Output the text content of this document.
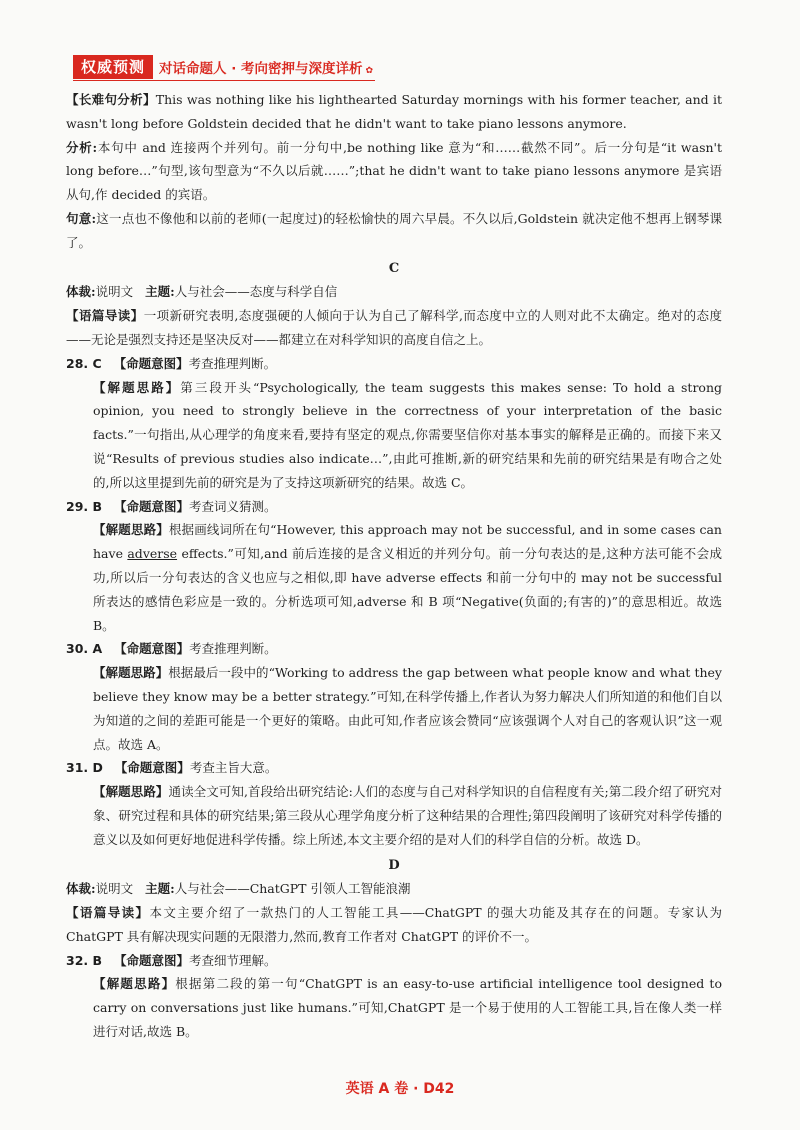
权威预测	对话命题人 · 考向密押与深度详析 ✿

【长难句分析】This was nothing like his lighthearted Saturday mornings with his former teacher, and it wasn't long before Goldstein decided that he didn't want to take piano lessons anymore.

分析:本句中 and 连接两个并列句。前一分句中,be nothing like 意为“和……截然不同”。后一分句是“it wasn't long before…”句型,该句型意为“不久以后就……”;that he didn't want to take piano lessons anymore 是宾语从句,作 decided 的宾语。

句意:这一点也不像他和以前的老师(一起度过)的轻松愉快的周六早晨。不久以后,Goldstein 就决定他不想再上钢琴课了。

C

体裁:说明文 主题:人与社会——态度与科学自信

【语篇导读】一项新研究表明,态度强硬的人倾向于认为自己了解科学,而态度中立的人则对此不太确定。绝对的态度——无论是强烈支持还是坚决反对——都建立在对科学知识的高度自信之上。

28. C 【命题意图】考查推理判断。

【解题思路】第三段开头“Psychologically, the team suggests this makes sense: To hold a strong opinion, you need to strongly believe in the correctness of your interpretation of the basic facts.”一句指出,从心理学的角度来看,要持有坚定的观点,你需要坚信你对基本事实的解释是正确的。而接下来又说“Results of previous studies also indicate…”,由此可推断,新的研究结果和先前的研究结果是有吻合之处的,所以这里提到先前的研究是为了支持这项新研究的结果。故选 C。

29. B 【命题意图】考查词义猜测。

【解题思路】根据画线词所在句“However, this approach may not be successful, and in some cases can have adverse effects.”可知,and 前后连接的是含义相近的并列分句。前一分句表达的是,这种方法可能不会成功,所以后一分句表达的含义也应与之相似,即 have adverse effects 和前一分句中的 may not be successful 所表达的感情色彩应是一致的。分析选项可知,adverse 和 B 项“Negative(负面的;有害的)”的意思相近。故选 B。

30. A 【命题意图】考查推理判断。

【解题思路】根据最后一段中的“Working to address the gap between what people know and what they believe they know may be a better strategy.”可知,在科学传播上,作者认为努力解决人们所知道的和他们自以为知道的之间的差距可能是一个更好的策略。由此可知,作者应该会赞同“应该强调个人对自己的客观认识”这一观点。故选 A。

31. D 【命题意图】考查主旨大意。

【解题思路】通读全文可知,首段给出研究结论:人们的态度与自己对科学知识的自信程度有关;第二段介绍了研究对象、研究过程和具体的研究结果;第三段从心理学角度分析了这种结果的合理性;第四段阐明了该研究对科学传播的意义以及如何更好地促进科学传播。综上所述,本文主要介绍的是对人们的科学自信的分析。故选 D。

D

体裁:说明文 主题:人与社会——ChatGPT 引领人工智能浪潮

【语篇导读】本文主要介绍了一款热门的人工智能工具——ChatGPT 的强大功能及其存在的问题。专家认为 ChatGPT 具有解决现实问题的无限潜力,然而,教育工作者对 ChatGPT 的评价不一。

32. B 【命题意图】考查细节理解。

【解题思路】根据第二段的第一句“ChatGPT is an easy-to-use artificial intelligence tool designed to carry on conversations just like humans.”可知,ChatGPT 是一个易于使用的人工智能工具,旨在像人类一样进行对话,故选 B。

英语 A 卷 · D42
